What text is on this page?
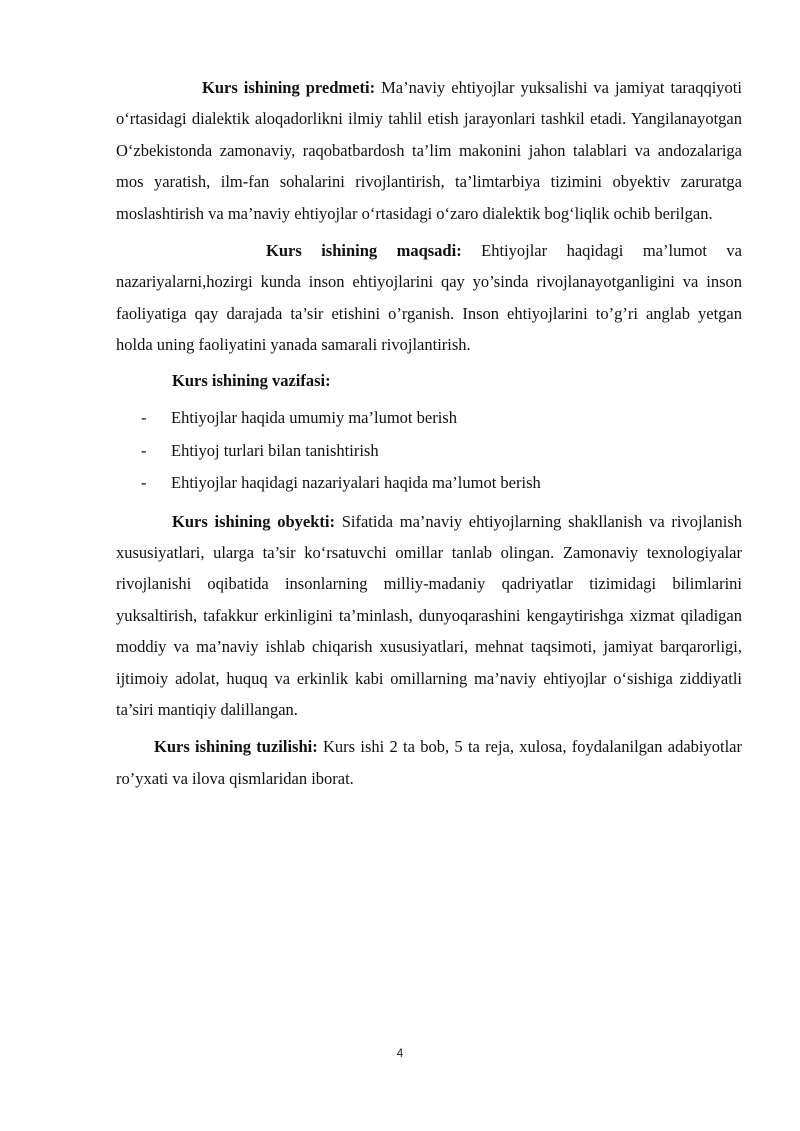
Kurs ishining predmeti: Ma’naviy ehtiyojlar yuksalishi va jamiyat taraqqiyoti o‘rtasidagi dialektik aloqadorlikni ilmiy tahlil etish jarayonlari tashkil etadi. Yangilanayotgan O‘zbekistonda zamonaviy, raqobatbardosh ta’lim makonini jahon talablari va andozalariga mos yaratish, ilm-fan sohalarini rivojlantirish, ta’limtarbiya tizimini obyektiv zaruratga moslashtirish va ma’naviy ehtiyojlar o‘rtasidagi o‘zaro dialektik bog‘liqlik ochib berilgan.

Kurs ishining maqsadi: Ehtiyojlar haqidagi ma’lumot va nazariyalarni,hozirgi kunda inson ehtiyojlarini qay yo’sinda rivojlanayotganligini va inson faoliyatiga qay darajada ta’sir etishini o’rganish. Inson ehtiyojlarini to’g’ri anglab yetgan holda uning faoliyatini yanada samarali rivojlantirish.

Kurs ishining vazifasi:

-	Ehtiyojlar haqida umumiy ma’lumot berish
-	Ehtiyoj turlari bilan tanishtirish
-	Ehtiyojlar haqidagi nazariyalari haqida ma’lumot berish

Kurs ishining obyekti: Sifatida ma’naviy ehtiyojlarning shakllanish va rivojlanish xususiyatlari, ularga ta’sir ko‘rsatuvchi omillar tanlab olingan. Zamonaviy texnologiyalar rivojlanishi oqibatida insonlarning milliy-madaniy qadriyatlar tizimidagi bilimlarini yuksaltirish, tafakkur erkinligini ta’minlash, dunyoqarashini kengaytirishga xizmat qiladigan moddiy va ma’naviy ishlab chiqarish xususiyatlari, mehnat taqsimoti, jamiyat barqarorligi, ijtimoiy adolat, huquq va erkinlik kabi omillarning ma’naviy ehtiyojlar o‘sishiga ziddiyatli ta’siri mantiqiy dalillangan.

Kurs ishining tuzilishi: Kurs ishi 2 ta bob, 5 ta reja, xulosa, foydalanilgan adabiyotlar ro’yxati va ilova qismlaridan iborat.

4
